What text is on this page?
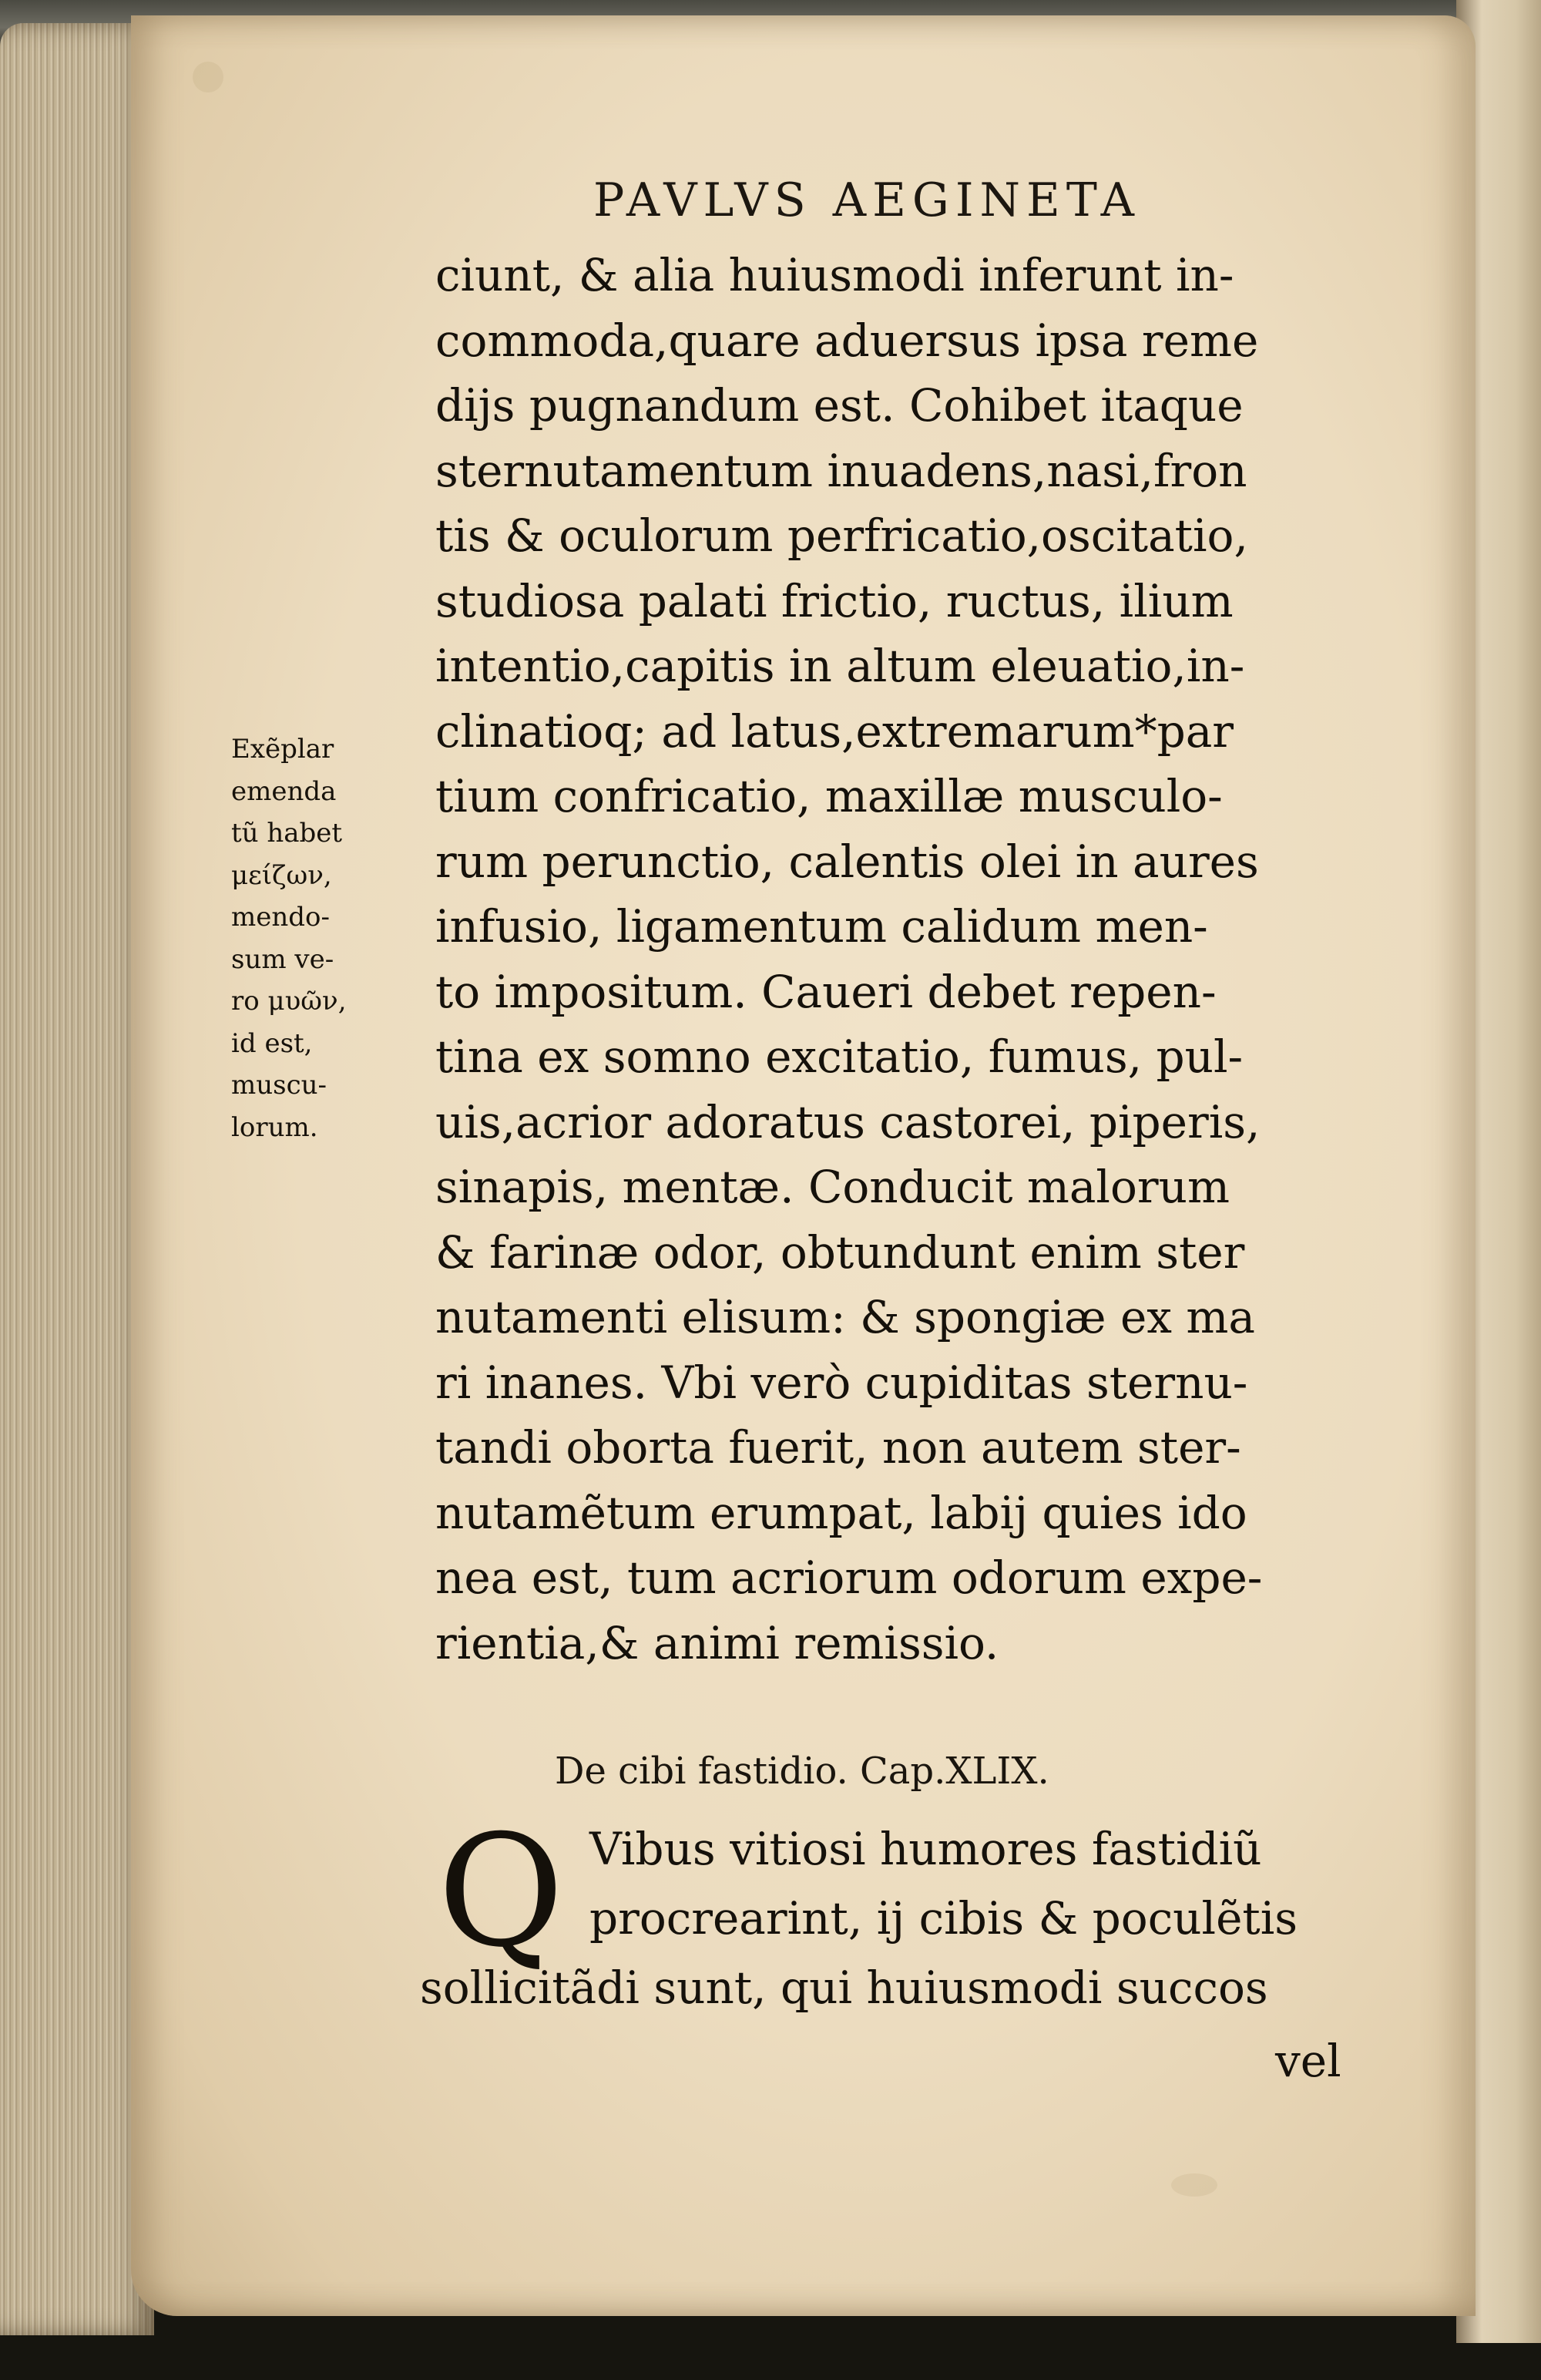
PAVLVS AEGINETA
Exẽplar
emenda
tũ habet
μείζων,
mendo-
sum ve-
ro μυῶν,
id est,
muscu-
lorum.
ciunt, & alia huiusmodi inferunt in-
commoda,quare aduersus ipsa reme
dijs pugnandum est. Cohibet itaque
sternutamentum inuadens,nasi,fron
tis & oculorum perfricatio,oscitatio,
studiosa palati frictio, ructus, ilium
intentio,capitis in altum eleuatio,in-
clinatioq; ad latus,extremarum*par
tium confricatio, maxillæ musculo-
rum perunctio, calentis olei in aures
infusio, ligamentum calidum men-
to impositum. Caueri debet repen-
tina ex somno excitatio, fumus, pul-
uis,acrior adoratus castorei, piperis,
sinapis, mentæ. Conducit malorum
& farinæ odor, obtundunt enim ster
nutamenti elisum: & spongiæ ex ma
ri inanes. Vbi verò cupiditas sternu-
tandi oborta fuerit, non autem ster-
nutamẽtum erumpat, labij quies ido
nea est, tum acriorum odorum expe-
rientia,& animi remissio.
De cibi fastidio. Cap.XLIX.
Q Vibus vitiosi humores fastidiũ
procrearint, ij cibis & poculẽtis
sollicitãdi sunt, qui huiusmodi succos
vel
